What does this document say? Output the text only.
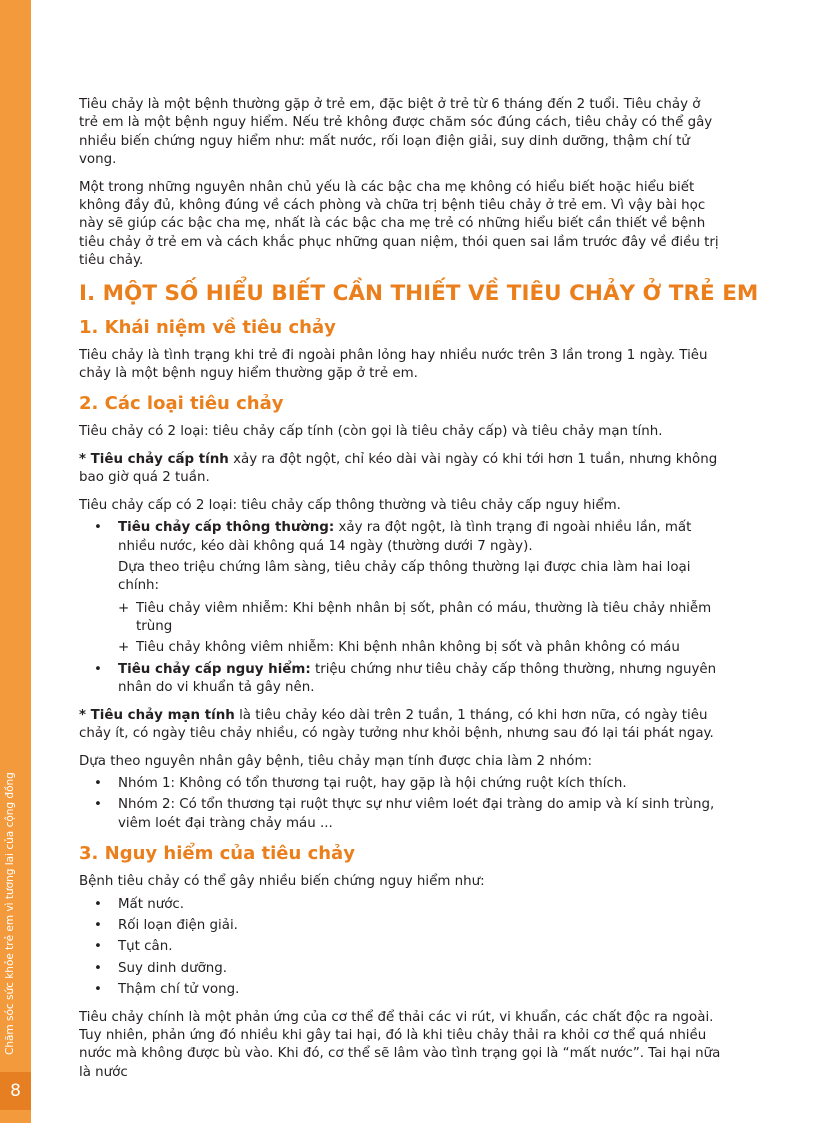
Chăm sóc sức khỏe trẻ em vì tương lai của cộng đồng
8

Tiêu chảy là một bệnh thường gặp ở trẻ em, đặc biệt ở trẻ từ 6 tháng đến 2 tuổi. Tiêu chảy ở trẻ em là một bệnh nguy hiểm. Nếu trẻ không được chăm sóc đúng cách, tiêu chảy có thể gây nhiều biến chứng nguy hiểm như: mất nước, rối loạn điện giải, suy dinh dưỡng, thậm chí tử vong.

Một trong những nguyên nhân chủ yếu là các bậc cha mẹ không có hiểu biết hoặc hiểu biết không đầy đủ, không đúng về cách phòng và chữa trị bệnh tiêu chảy ở trẻ em. Vì vậy bài học này sẽ giúp các bậc cha mẹ, nhất là các bậc cha mẹ trẻ có những hiểu biết cần thiết về bệnh tiêu chảy ở trẻ em và cách khắc phục những quan niệm, thói quen sai lầm trước đây về điều trị tiêu chảy.

I. MỘT SỐ HIỂU BIẾT CẦN THIẾT VỀ TIÊU CHẢY Ở TRẺ EM
1. Khái niệm về tiêu chảy

Tiêu chảy là tình trạng khi trẻ đi ngoài phân lỏng hay nhiều nước trên 3 lần trong 1 ngày. Tiêu chảy là một bệnh nguy hiểm thường gặp ở trẻ em.

2. Các loại tiêu chảy

Tiêu chảy có 2 loại: tiêu chảy cấp tính (còn gọi là tiêu chảy cấp) và tiêu chảy mạn tính.

* Tiêu chảy cấp tính xảy ra đột ngột, chỉ kéo dài vài ngày có khi tới hơn 1 tuần, nhưng không bao giờ quá 2 tuần.

Tiêu chảy cấp có 2 loại: tiêu chảy cấp thông thường và tiêu chảy cấp nguy hiểm.

• Tiêu chảy cấp thông thường: xảy ra đột ngột, là tình trạng đi ngoài nhiều lần, mất nhiều nước, kéo dài không quá 14 ngày (thường dưới 7 ngày).
Dựa theo triệu chứng lâm sàng, tiêu chảy cấp thông thường lại được chia làm hai loại chính:
+ Tiêu chảy viêm nhiễm: Khi bệnh nhân bị sốt, phân có máu, thường là tiêu chảy nhiễm trùng
+ Tiêu chảy không viêm nhiễm: Khi bệnh nhân không bị sốt và phân không có máu
• Tiêu chảy cấp nguy hiểm: triệu chứng như tiêu chảy cấp thông thường, nhưng nguyên nhân do vi khuẩn tả gây nên.

* Tiêu chảy mạn tính là tiêu chảy kéo dài trên 2 tuần, 1 tháng, có khi hơn nữa, có ngày tiêu chảy ít, có ngày tiêu chảy nhiều, có ngày tưởng như khỏi bệnh, nhưng sau đó lại tái phát ngay.

Dựa theo nguyên nhân gây bệnh, tiêu chảy mạn tính được chia làm 2 nhóm:

• Nhóm 1: Không có tổn thương tại ruột, hay gặp là hội chứng ruột kích thích.
• Nhóm 2: Có tổn thương tại ruột thực sự như viêm loét đại tràng do amip và kí sinh trùng, viêm loét đại tràng chảy máu ...
3. Nguy hiểm của tiêu chảy

Bệnh tiêu chảy có thể gây nhiều biến chứng nguy hiểm như:

• Mất nước.
• Rối loạn điện giải.
• Tụt cân.
• Suy dinh dưỡng.
• Thậm chí tử vong.

Tiêu chảy chính là một phản ứng của cơ thể để thải các vi rút, vi khuẩn, các chất độc ra ngoài. Tuy nhiên, phản ứng đó nhiều khi gây tai hại, đó là khi tiêu chảy thải ra khỏi cơ thể quá nhiều nước mà không được bù vào. Khi đó, cơ thể sẽ lâm vào tình trạng gọi là “mất nước”. Tai hại nữa là nước
